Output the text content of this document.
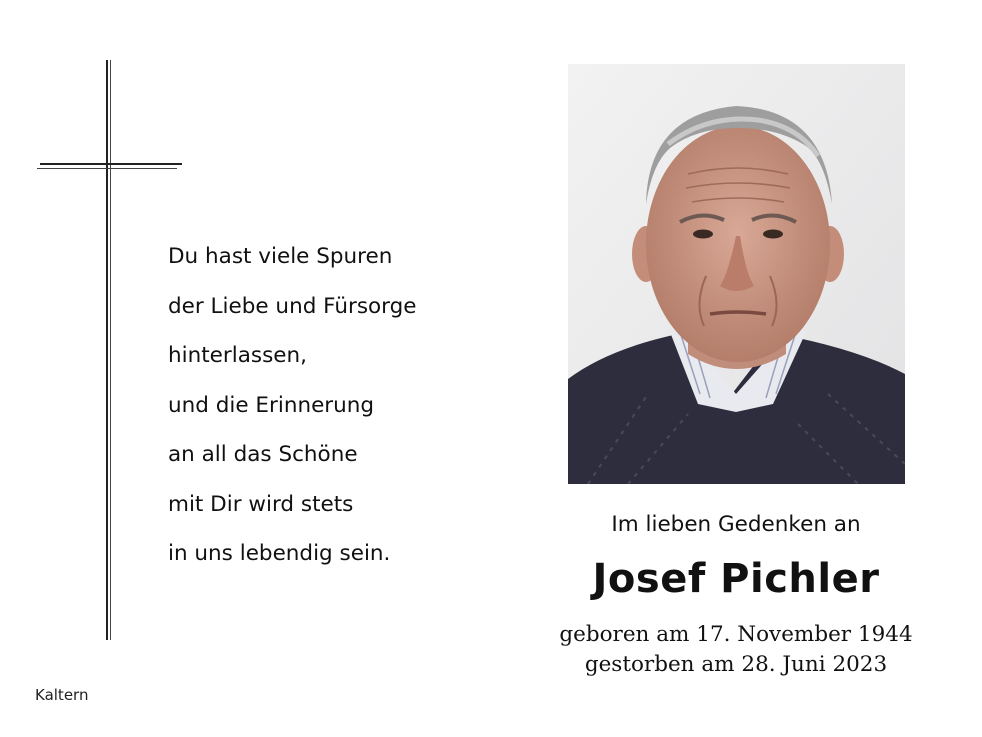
Du hast viele Spuren
der Liebe und Fürsorge
hinterlassen,
und die Erinnerung
an all das Schöne
mit Dir wird stets
in uns lebendig sein.
Im lieben Gedenken an
Josef Pichler
geboren am 17. November 1944
gestorben am 28. Juni 2023
Kaltern
